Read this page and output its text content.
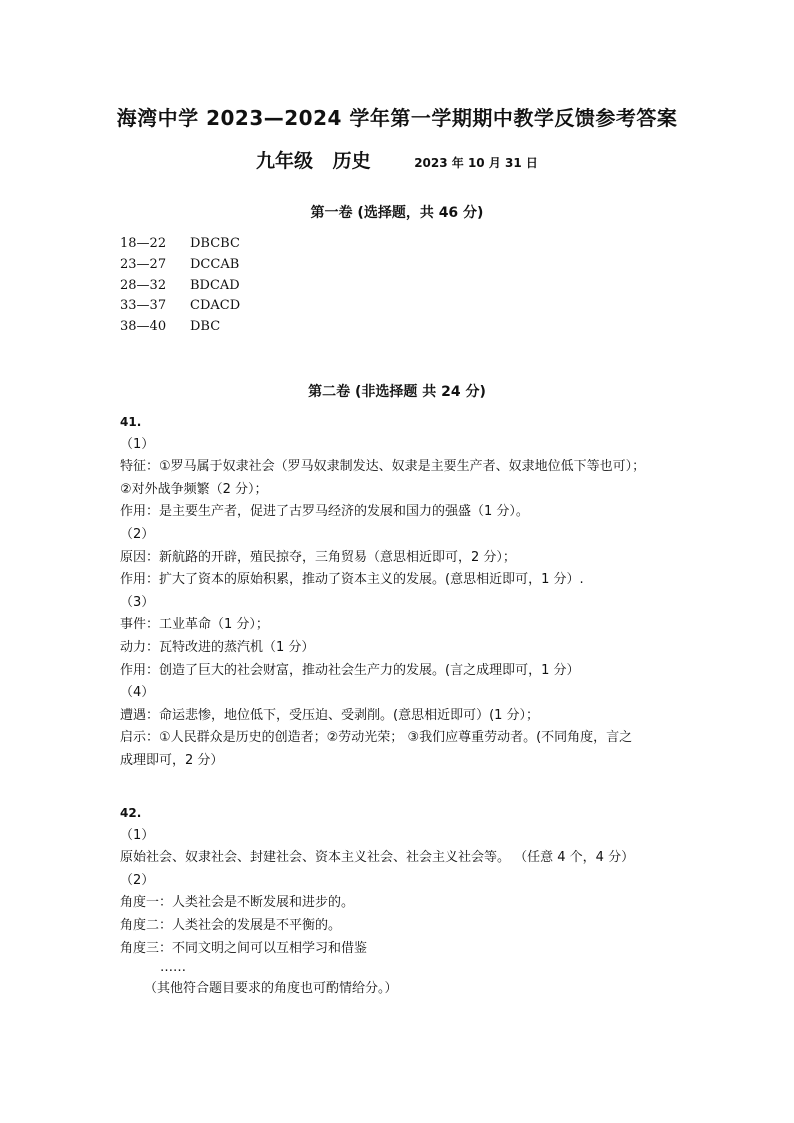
海湾中学 2023—2024 学年第一学期期中教学反馈参考答案
九年级 历史	2023 年 10 月 31 日
第一卷 (选择题，共 46 分)
18—22 DBCBC
23—27 DCCAB
28—32 BDCAD
33—37 CDACD
38—40 DBC
第二卷 (非选择题 共 24 分)
41.
（1）
特征：①罗马属于奴隶社会（罗马奴隶制发达、奴隶是主要生产者、奴隶地位低下等也可）；
②对外战争频繁（2 分）；
作用：是主要生产者，促进了古罗马经济的发展和国力的强盛（1 分）。
（2）
原因：新航路的开辟，殖民掠夺，三角贸易（意思相近即可，2 分）；
作用：扩大了资本的原始积累，推动了资本主义的发展。(意思相近即可，1 分）.
（3）
事件：工业革命（1 分）；
动力：瓦特改进的蒸汽机（1 分）
作用：创造了巨大的社会财富，推动社会生产力的发展。(言之成理即可，1 分）
（4）
遭遇：命运悲惨，地位低下，受压迫、受剥削。(意思相近即可）(1 分）；
启示：①人民群众是历史的创造者；②劳动光荣； ③我们应尊重劳动者。(不同角度，言之
成理即可，2 分）
42.
（1）
原始社会、奴隶社会、封建社会、资本主义社会、社会主义社会等。 （任意 4 个，4 分）
（2）
角度一：人类社会是不断发展和进步的。
角度二：人类社会的发展是不平衡的。
角度三：不同文明之间可以互相学习和借鉴
……
（其他符合题目要求的角度也可酌情给分。）
